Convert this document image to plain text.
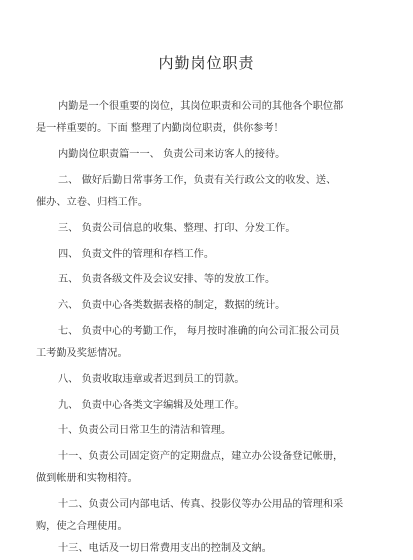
内勤岗位职责
内勤是一个很重要的岗位，其岗位职责和公司的其他各个职位都
是一样重要的。下面 整理了内勤岗位职责，供你参考！
内勤岗位职责篇一一、 负责公司来访客人的接待。
二、 做好后勤日常事务工作，负责有关行政公文的收发、送、
催办、立卷、归档工作。
三、 负责公司信息的收集、整理、打印、分发工作。
四、 负责文件的管理和存档工作。
五、 负责各级文件及会议安排、等的发放工作。
六、 负责中心各类数据表格的制定，数据的统计。
七、 负责中心的考勤工作， 每月按时准确的向公司汇报公司员
工考勤及奖惩情况。
八、 负责收取违章或者迟到员工的罚款。
九、 负责中心各类文字编辑及处理工作。
十、负责公司日常卫生的清洁和管理。
十一、负责公司固定资产的定期盘点，建立办公设备登记帐册，
做到帐册和实物相符。
十二、负责公司内部电话、传真、投影仪等办公用品的管理和采
购，使之合理使用。
十三、电话及一切日常费用支出的控制及文納。
